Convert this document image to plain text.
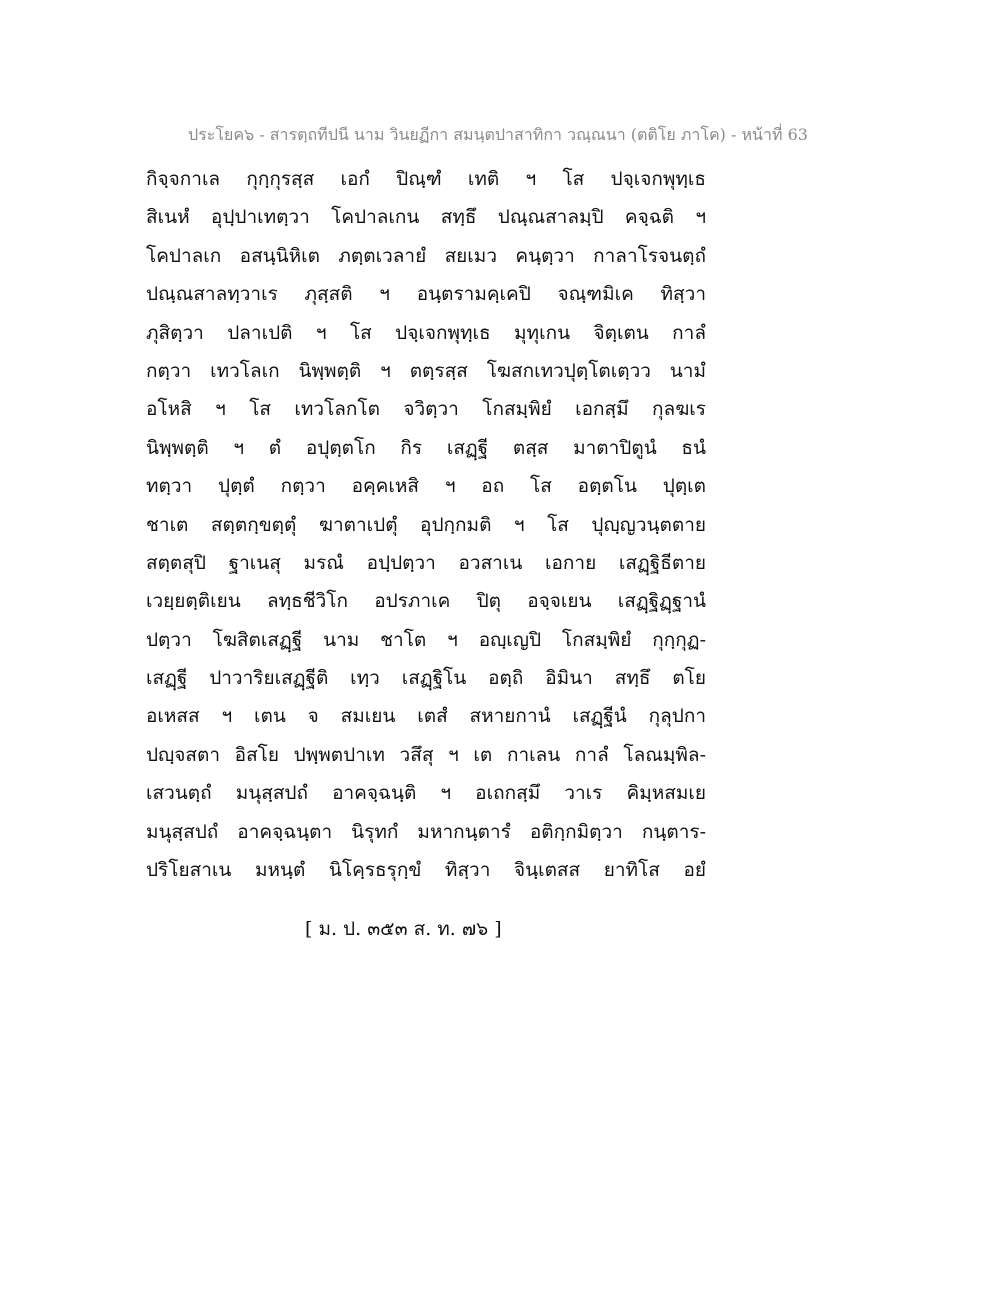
ประโยค๖ - สารตฺถทีปนี นาม วินยฏีกา สมนฺตปาสาทิกา วณฺณนา (ตติโย ภาโค) - หน้าที่ 63
กิจฺจกาเล กุกฺกุรสฺส เอกํ ปิณฺฑํ เทติ ฯ โส ปจฺเจกพุทฺเธ
สิเนหํ อุปฺปาเทตฺวา โคปาลเกน สทฺธึ ปณฺณสาลมฺปิ คจฺฉติ ฯ
โคปาลเก อสนฺนิหิเต ภตฺตเวลายํ สยเมว คนฺตฺวา กาลาโรจนตฺถํ
ปณฺณสาลทฺวาเร ภุสฺสติ ฯ อนฺตรามคฺเคปิ จณฺฑมิเค ทิสฺวา
ภุสิตฺวา ปลาเปติ ฯ โส ปจฺเจกพุทฺเธ มุทุเกน จิตฺเตน กาลํ
กตฺวา เทวโลเก นิพฺพตฺติ ฯ ตตฺรสฺส โฆสกเทวปุตฺโตเตฺวว นามํ
อโหสิ ฯ โส เทวโลกโต จวิตฺวา โกสมฺพิยํ เอกสฺมึ กุลฆเร
นิพฺพตฺติ ฯ ตํ อปุตฺตโก กิร เสฏฺฐี ตสฺส มาตาปิตูนํ ธนํ
ทตฺวา ปุตฺตํ กตฺวา อคฺคเหสิ ฯ อถ โส อตฺตโน ปุตฺเต
ชาเต สตฺตกฺขตฺตุํ ฆาตาเปตุํ อุปกฺกมติ ฯ โส ปุญฺญวนฺตตาย
สตฺตสุปิ ฐาเนสุ มรณํ อปฺปตฺวา อวสาเน เอกาย เสฏฺฐิธีตาย
เวยฺยตฺติเยน ลทฺธชีวิโก อปรภาเค ปิตุ อจฺจเยน เสฏฺฐิฏฺฐานํ
ปตฺวา โฆสิตเสฏฺฐี นาม ชาโต ฯ อญฺเญปิ โกสมฺพิยํ กุกฺกุฏ-
เสฏฺฐี ปาวาริยเสฏฺฐีติ เทฺว เสฏฺฐิโน อตฺถิ อิมินา สทฺธึ ตโย
อเหสส ฯ เตน จ สมเยน เตสํ สหายกานํ เสฏฺฐีนํ กุลุปกา
ปญฺจสตา อิสโย ปพฺพตปาเท วสึสุ ฯ เต กาเลน กาลํ โลณมฺพิล-
เสวนตฺถํ มนุสฺสปถํ อาคจฺฉนฺติ ฯ อเถกสฺมึ วาเร คิมฺหสมเย
มนุสฺสปถํ อาคจฺฉนฺตา นิรุทกํ มหากนฺตารํ อติกฺกมิตฺวา กนฺตาร-
ปริโยสาเน มหนฺตํ นิโคฺรธรุกฺขํ ทิสฺวา จินฺเตสส ยาทิโส อยํ
[ ม. ป. ๓๕๓ ส. ท. ๗๖ ]
